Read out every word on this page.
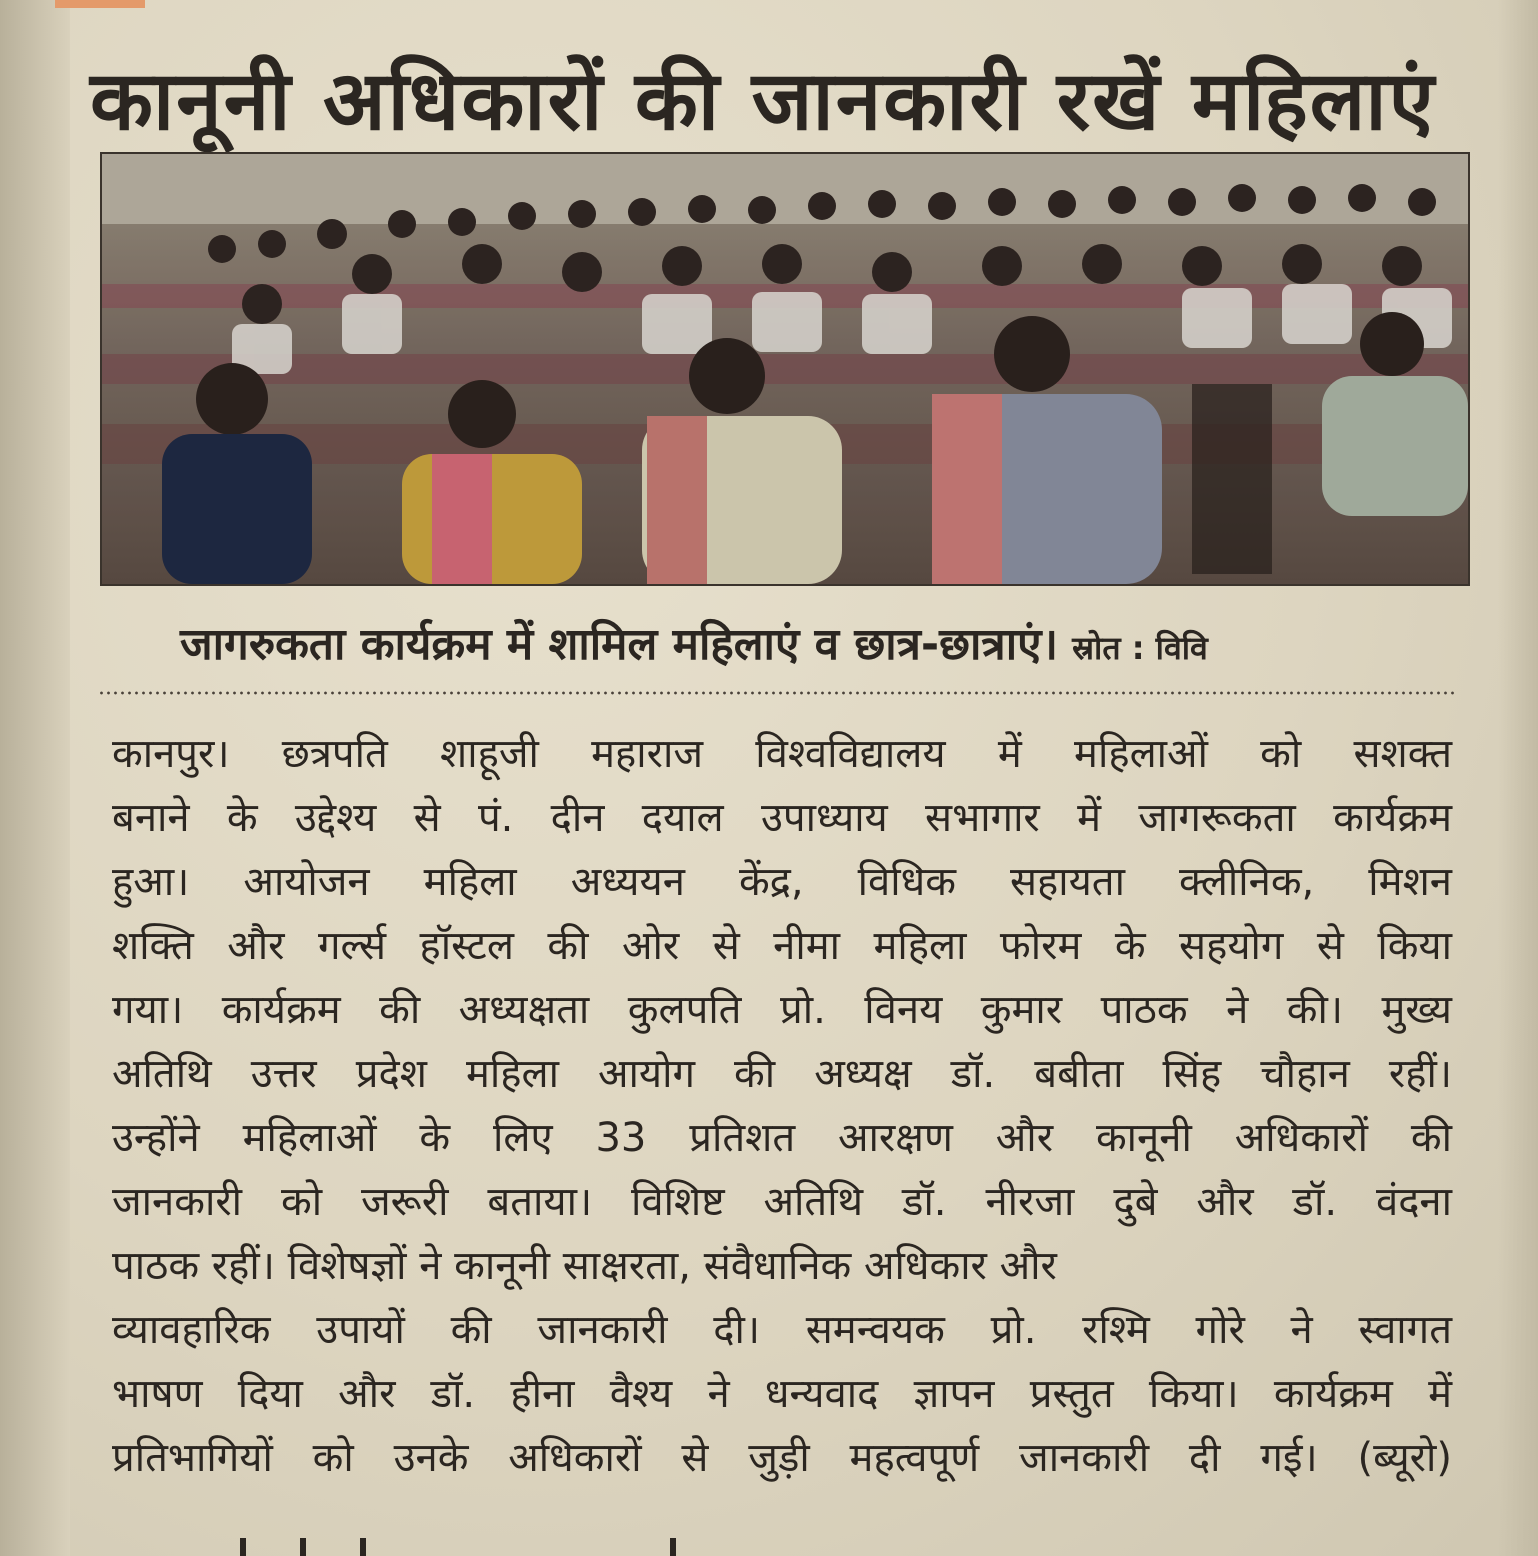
कानूनी अधिकारों की जानकारी रखें महिलाएं
जागरुकता कार्यक्रम में शामिल महिलाएं व छात्र-छात्राएं। स्रोत : विवि
कानपुर। छत्रपति शाहूजी महाराज विश्वविद्यालय में महिलाओं को सशक्त
बनाने के उद्देश्य से पं. दीन दयाल उपाध्याय सभागार में जागरूकता कार्यक्रम
हुआ। आयोजन महिला अध्ययन केंद्र, विधिक सहायता क्लीनिक, मिशन
शक्ति और गर्ल्स हॉस्टल की ओर से नीमा महिला फोरम के सहयोग से किया
गया। कार्यक्रम की अध्यक्षता कुलपति प्रो. विनय कुमार पाठक ने की। मुख्य
अतिथि उत्तर प्रदेश महिला आयोग की अध्यक्ष डॉ. बबीता सिंह चौहान रहीं।
उन्होंने महिलाओं के लिए 33 प्रतिशत आरक्षण और कानूनी अधिकारों की
जानकारी को जरूरी बताया। विशिष्ट अतिथि डॉ. नीरजा दुबे और डॉ. वंदना
पाठक रहीं। विशेषज्ञों ने कानूनी साक्षरता, संवैधानिक अधिकार और
व्यावहारिक उपायों की जानकारी दी। समन्वयक प्रो. रश्मि गोरे ने स्वागत
भाषण दिया और डॉ. हीना वैश्य ने धन्यवाद ज्ञापन प्रस्तुत किया। कार्यक्रम में
प्रतिभागियों को उनके अधिकारों से जुड़ी महत्वपूर्ण जानकारी दी गई। (ब्यूरो)
